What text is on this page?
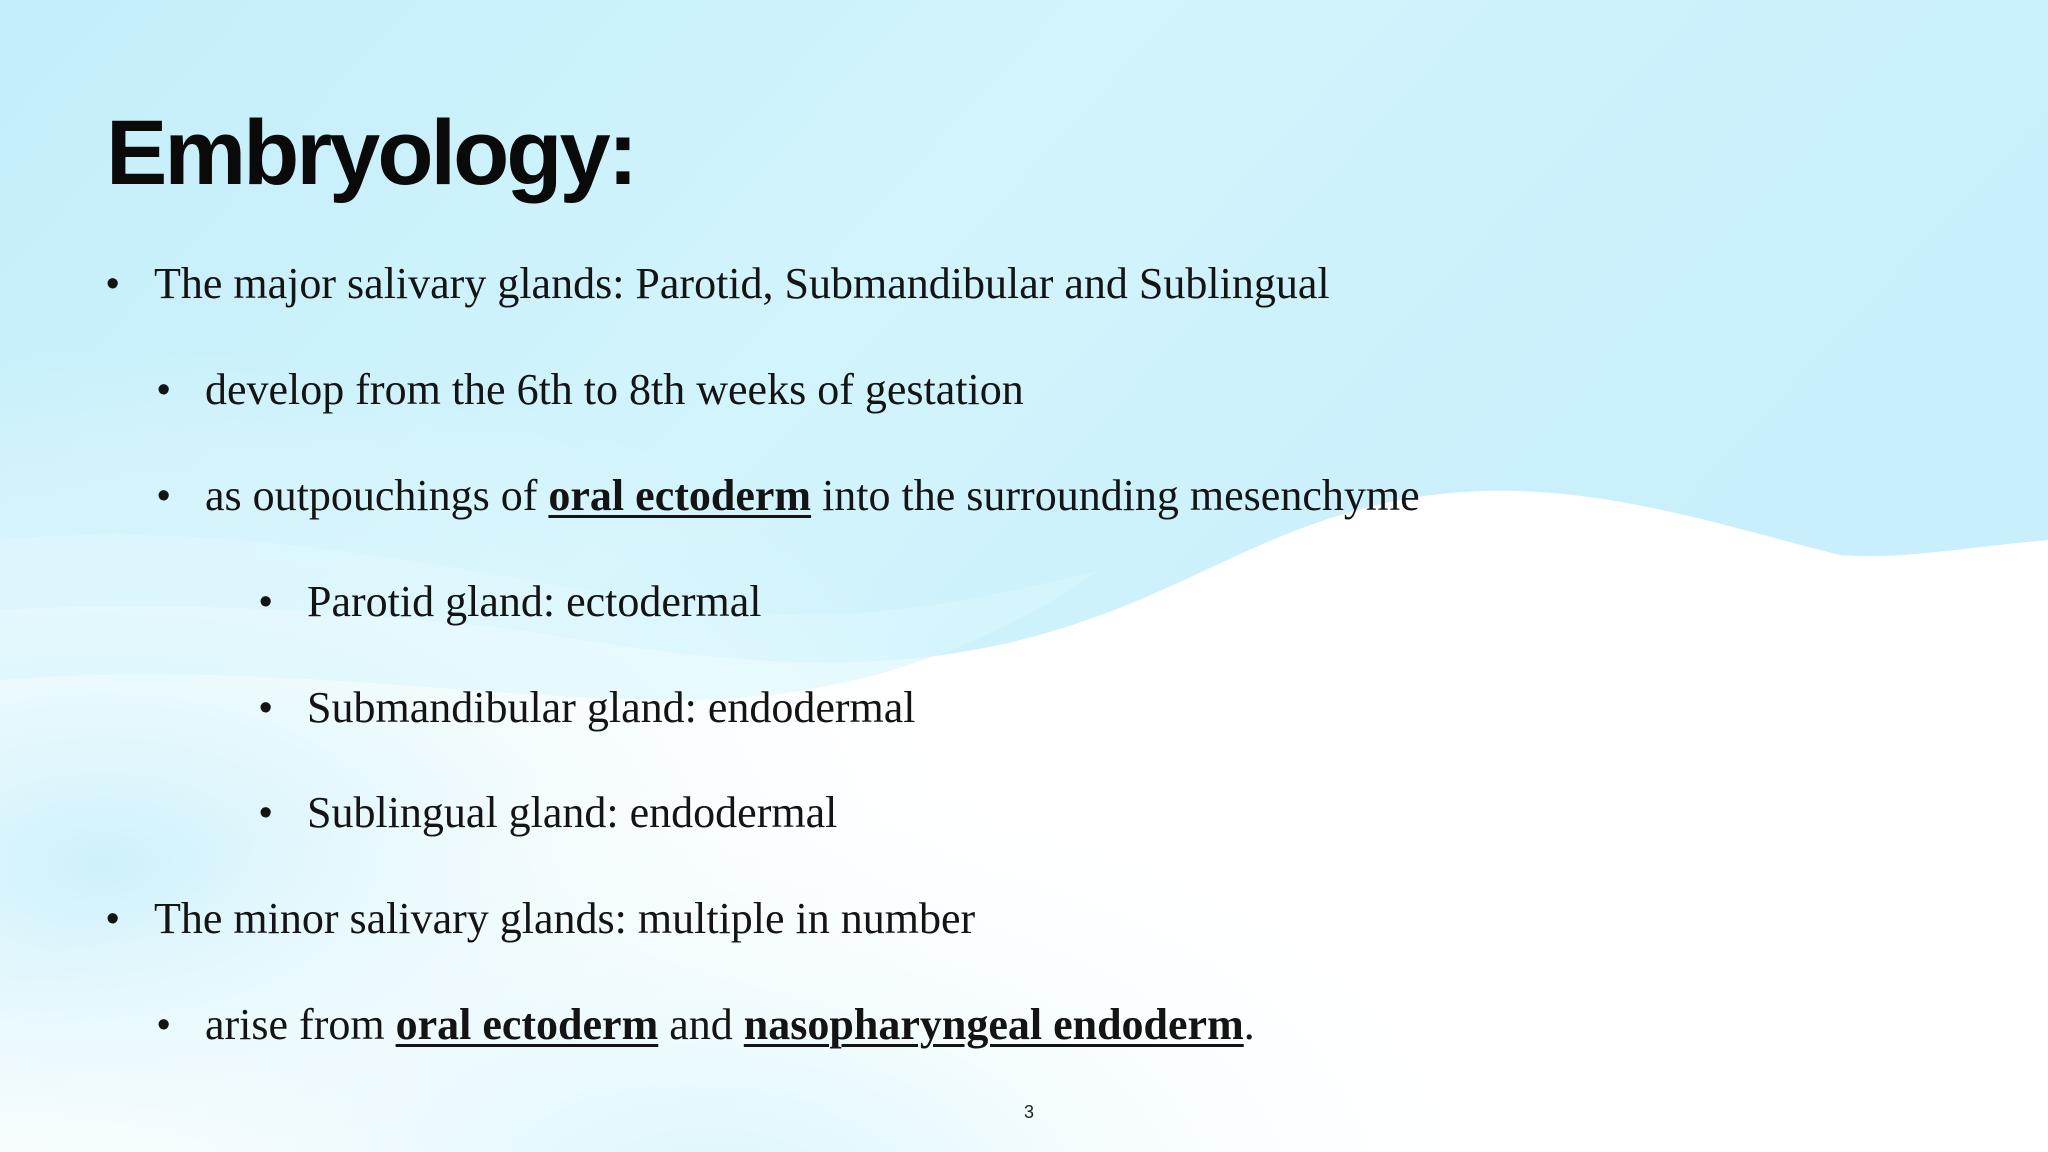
Embryology:
• The major salivary glands: Parotid, Submandibular and Sublingual
• develop from the 6th to 8th weeks of gestation
• as outpouchings of oral ectoderm into the surrounding mesenchyme
• Parotid gland: ectodermal
• Submandibular gland: endodermal
• Sublingual gland: endodermal
• The minor salivary glands: multiple in number
• arise from oral ectoderm and nasopharyngeal endoderm.
3
